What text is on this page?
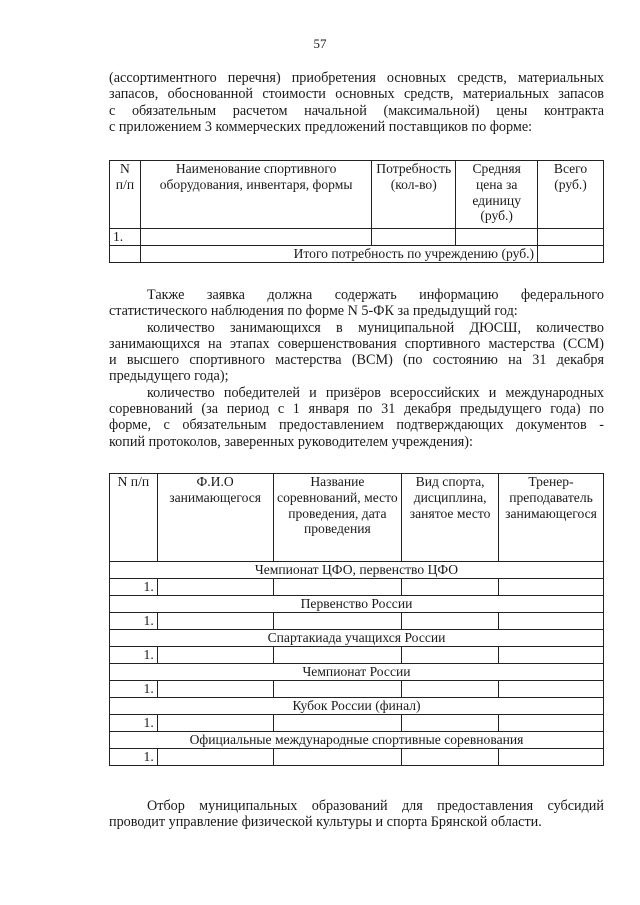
57
(ассортиментного перечня) приобретения основных средств, материальных
запасов, обоснованной стоимости основных средств, материальных запасов
с обязательным расчетом начальной (максимальной) цены контракта
с приложением 3 коммерческих предложений поставщиков по форме:
N п/п	Наименование спортивного оборудования, инвентаря, формы	Потребность (кол-во)	Средняя цена за единицу (руб.)	Всего (руб.)
1.				
	Итого потребность по учреждению (руб.)			
Также заявка должна содержать информацию федерального
статистического наблюдения по форме N 5-ФК за предыдущий год:
количество занимающихся в муниципальной ДЮСШ, количество
занимающихся на этапах совершенствования спортивного мастерства (ССМ)
и высшего спортивного мастерства (ВСМ) (по состоянию на 31 декабря
предыдущего года);
количество победителей и призёров всероссийских и международных
соревнований (за период с 1 января по 31 декабря предыдущего года) по
форме, с обязательным предоставлением подтверждающих документов -
копий протоколов, заверенных руководителем учреждения):
N п/п	Ф.И.О занимающегося	Название соревнований, место проведения, дата проведения	Вид спорта, дисциплина, занятое место	Тренер-преподаватель занимающегося
Чемпионат ЦФО, первенство ЦФО				
1.				
Первенство России				
1.				
Спартакиада учащихся России				
1.				
Чемпионат России				
1.				
Кубок России (финал)				
1.				
Официальные международные спортивные соревнования				
1.				
Отбор муниципальных образований для предоставления субсидий
проводит управление физической культуры и спорта Брянской области.
